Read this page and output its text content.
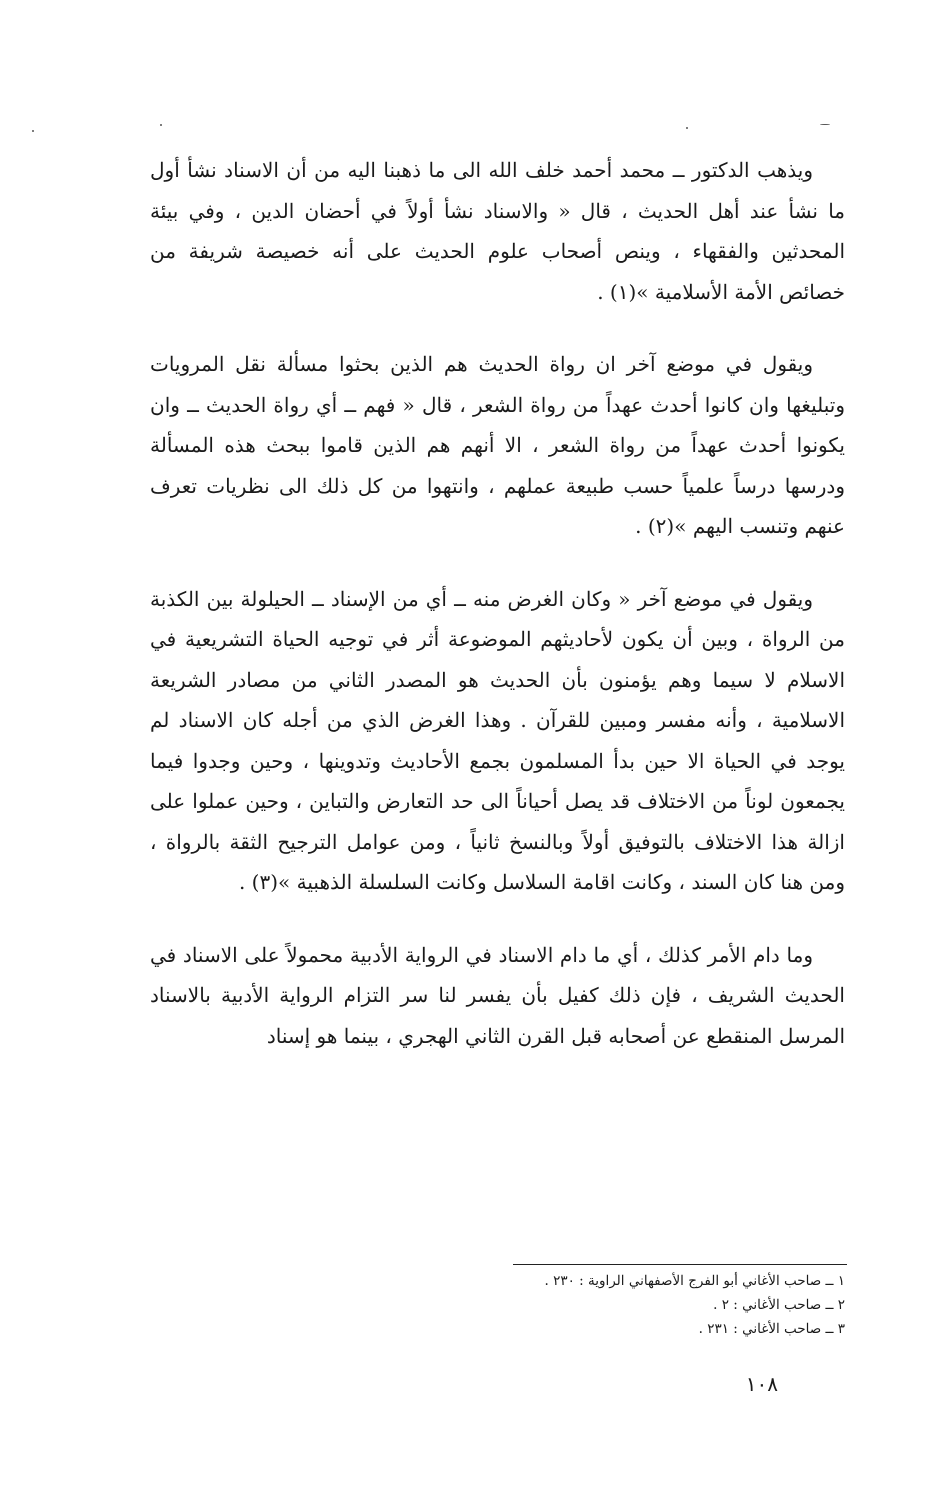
ويذهب الدكتور ــ محمد أحمد خلف الله الى ما ذهبنا اليه من أن الاسناد نشأ أول ما نشأ عند أهل الحديث ، قال « والاسناد نشأ أولاً في أحضان الدين ، وفي بيئة المحدثين والفقهاء ، وينص أصحاب علوم الحديث على أنه خصيصة شريفة من خصائص الأمة الأسلامية »(١) .

ويقول في موضع آخر ان رواة الحديث هم الذين بحثوا مسألة نقل المرويات وتبليغها وان كانوا أحدث عهداً من رواة الشعر ، قال « فهم ــ أي رواة الحديث ــ وان يكونوا أحدث عهداً من رواة الشعر ، الا أنهم هم الذين قاموا ببحث هذه المسألة ودرسها درساً علمياً حسب طبيعة عملهم ، وانتهوا من كل ذلك الى نظريات تعرف عنهم وتنسب اليهم »(٢) .

ويقول في موضع آخر « وكان الغرض منه ــ أي من الإسناد ــ الحيلولة بين الكذبة من الرواة ، وبين أن يكون لأحاديثهم الموضوعة أثر في توجيه الحياة التشريعية في الاسلام لا سيما وهم يؤمنون بأن الحديث هو المصدر الثاني من مصادر الشريعة الاسلامية ، وأنه مفسر ومبين للقرآن . وهذا الغرض الذي من أجله كان الاسناد لم يوجد في الحياة الا حين بدأ المسلمون بجمع الأحاديث وتدوينها ، وحين وجدوا فيما يجمعون لوناً من الاختلاف قد يصل أحياناً الى حد التعارض والتباين ، وحين عملوا على ازالة هذا الاختلاف بالتوفيق أولاً وبالنسخ ثانياً ، ومن عوامل الترجيح الثقة بالرواة ، ومن هنا كان السند ، وكانت اقامة السلاسل وكانت السلسلة الذهبية »(٣) .

وما دام الأمر كذلك ، أي ما دام الاسناد في الرواية الأدبية محمولاً على الاسناد في الحديث الشريف ، فإن ذلك كفيل بأن يفسر لنا سر التزام الرواية الأدبية بالاسناد المرسل المنقطع عن أصحابه قبل القرن الثاني الهجري ، بينما هو إسناد

١ ــ صاحب الأغاني أبو الفرج الأصفهاني الراوية : ٢٣٠ .
٢ ــ صاحب الأغاني : ٢ .
٣ ــ صاحب الأغاني : ٢٣١ .
١٠٨
